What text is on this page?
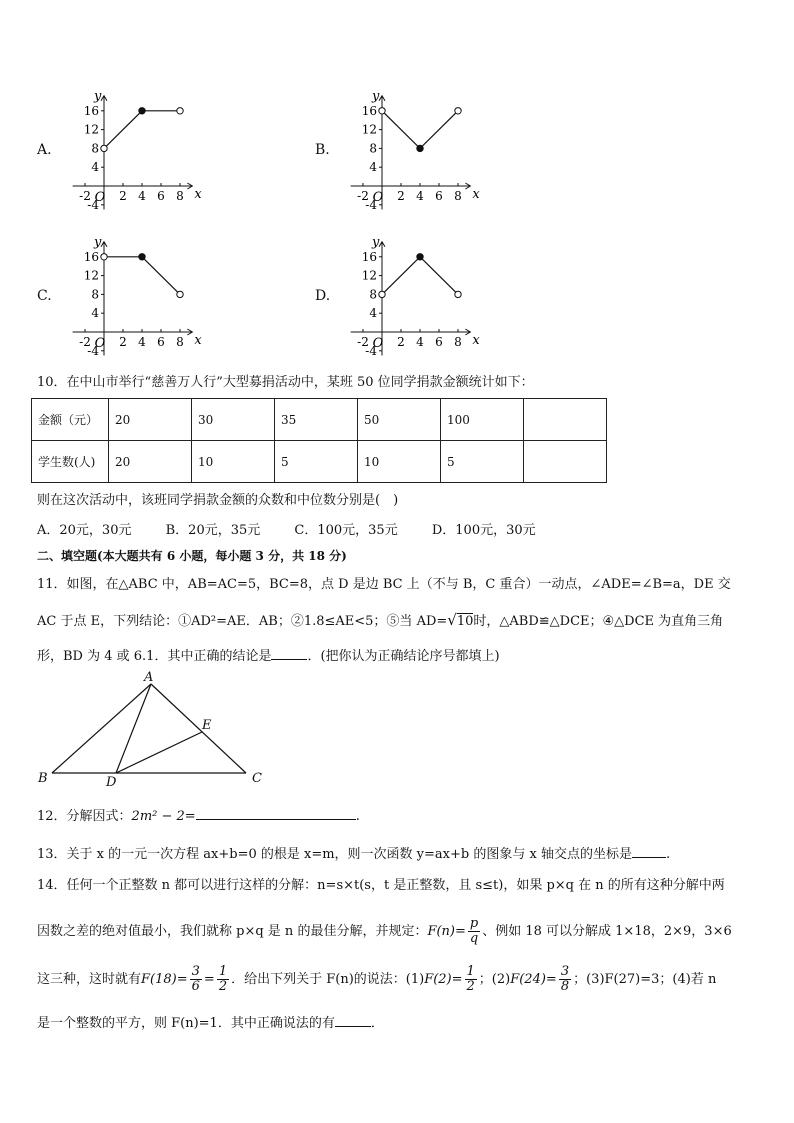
A.
16
12
8
4
-4
-2 2 4 6 8
O	x
y
B.
16
12
8
4
-4
-2 2 4 6 8
O	x
y
C.
16
12
8
4
-4
-2 2 4 6 8
O	x
y
D.
16
12
8
4
-4
-2 2 4 6 8
O	x
y
10．在中山市举行“慈善万人行”大型募捐活动中，某班 50 位同学捐款金额统计如下：
金额（元）	20	30	35	50	100	
学生数(人)	20	10	5	10	5	
则在这次活动中，该班同学捐款金额的众数和中位数分别是(　)
A．20元，30元	B．20元，35元	C．100元，35元	D．100元，30元
二、填空题(本大题共有 6 小题，每小题 3 分，共 18 分)
11．如图，在△ABC 中，AB=AC=5，BC=8，点 D 是边 BC 上（不与 B，C 重合）一动点，∠ADE=∠B=a，DE 交
AC 于点 E，下列结论：①AD²=AE．AB；②1.8≤AE<5；⑤当 AD=√10时，△ABD≌△DCE；④△DCE 为直角三角
形，BD 为 4 或 6.1．其中正确的结论是	．(把你认为正确结论序号都填上)
A
B	C
D
E
12．分解因式：2m² − 2=	.
13．关于 x 的一元一次方程 ax+b=0 的根是 x=m，则一次函数 y=ax+b 的图象与 x 轴交点的坐标是	.
14．任何一个正整数 n 都可以进行这样的分解：n=s×t(s，t 是正整数，且 s≤t)，如果 p×q 在 n 的所有这种分解中两
因数之差的绝对值最小，我们就称 p×q 是 n 的最佳分解，并规定：$F(n)= \frac{p}{q}$ 、例如 18 可以分解成 1×18，2×9，3×6
这三种，这时就有$F(18)= \frac{3}{6} = \frac{1}{2}$ ．给出下列关于 F(n)的说法：$(1)F(2)= \frac{1}{2}$ ；$(2)F(24)= \frac{3}{8}$ ；(3)F(27)=3；(4)若 n
是一个整数的平方，则 F(n)=1．其中正确说法的有	．
